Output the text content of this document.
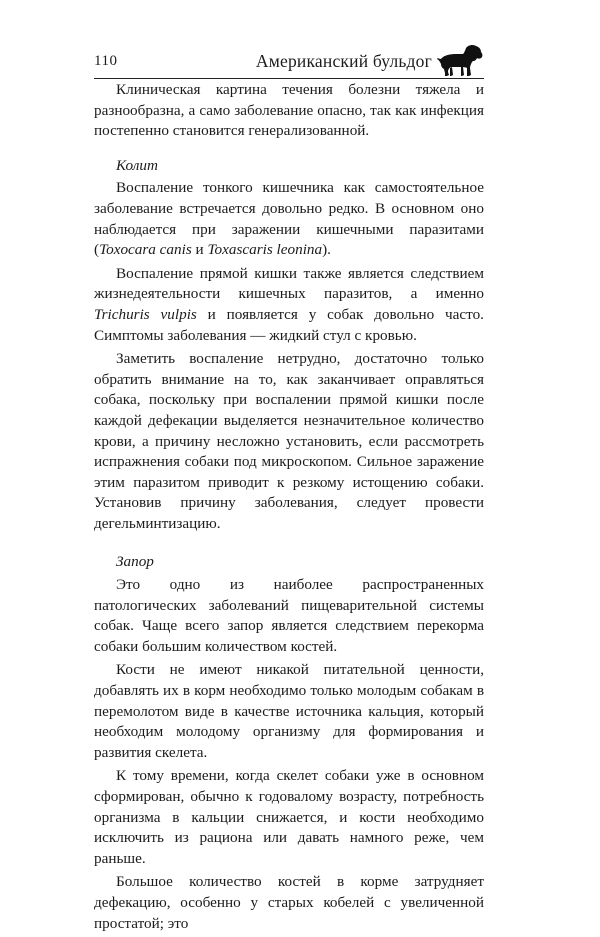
110	Американский бульдог

Клиническая картина течения болезни тяжела и разнообразна, а само заболевание опасно, так как инфекция постепенно становится генерализованной.

Колит

Воспаление тонкого кишечника как самостоятельное заболевание встречается довольно редко. В основном оно наблюдается при заражении кишечными паразитами (Toxocara canis и Toxascaris leonina).

Воспаление прямой кишки также является следствием жизнедеятельности кишечных паразитов, а именно Trichuris vulpis и появляется у собак довольно часто. Симптомы заболевания — жидкий стул с кровью.

Заметить воспаление нетрудно, достаточно только обратить внимание на то, как заканчивает оправляться собака, поскольку при воспалении прямой кишки после каждой дефекации выделяется незначительное количество крови, а причину несложно установить, если рассмотреть испражнения собаки под микроскопом. Сильное заражение этим паразитом приводит к резкому истощению собаки. Установив причину заболевания, следует провести дегельминтизацию.

Запор

Это одно из наиболее распространенных патологических заболеваний пищеварительной системы собак. Чаще всего запор является следствием перекорма собаки большим количеством костей.

Кости не имеют никакой питательной ценности, добавлять их в корм необходимо только молодым собакам в перемолотом виде в качестве источника кальция, который необходим молодому организму для формирования и развития скелета.

К тому времени, когда скелет собаки уже в основном сформирован, обычно к годовалому возрасту, потребность организма в кальции снижается, и кости необходимо исключить из рациона или давать намного реже, чем раньше.

Большое количество костей в корме затрудняет дефекацию, особенно у старых кобелей с увеличенной простатой; это
